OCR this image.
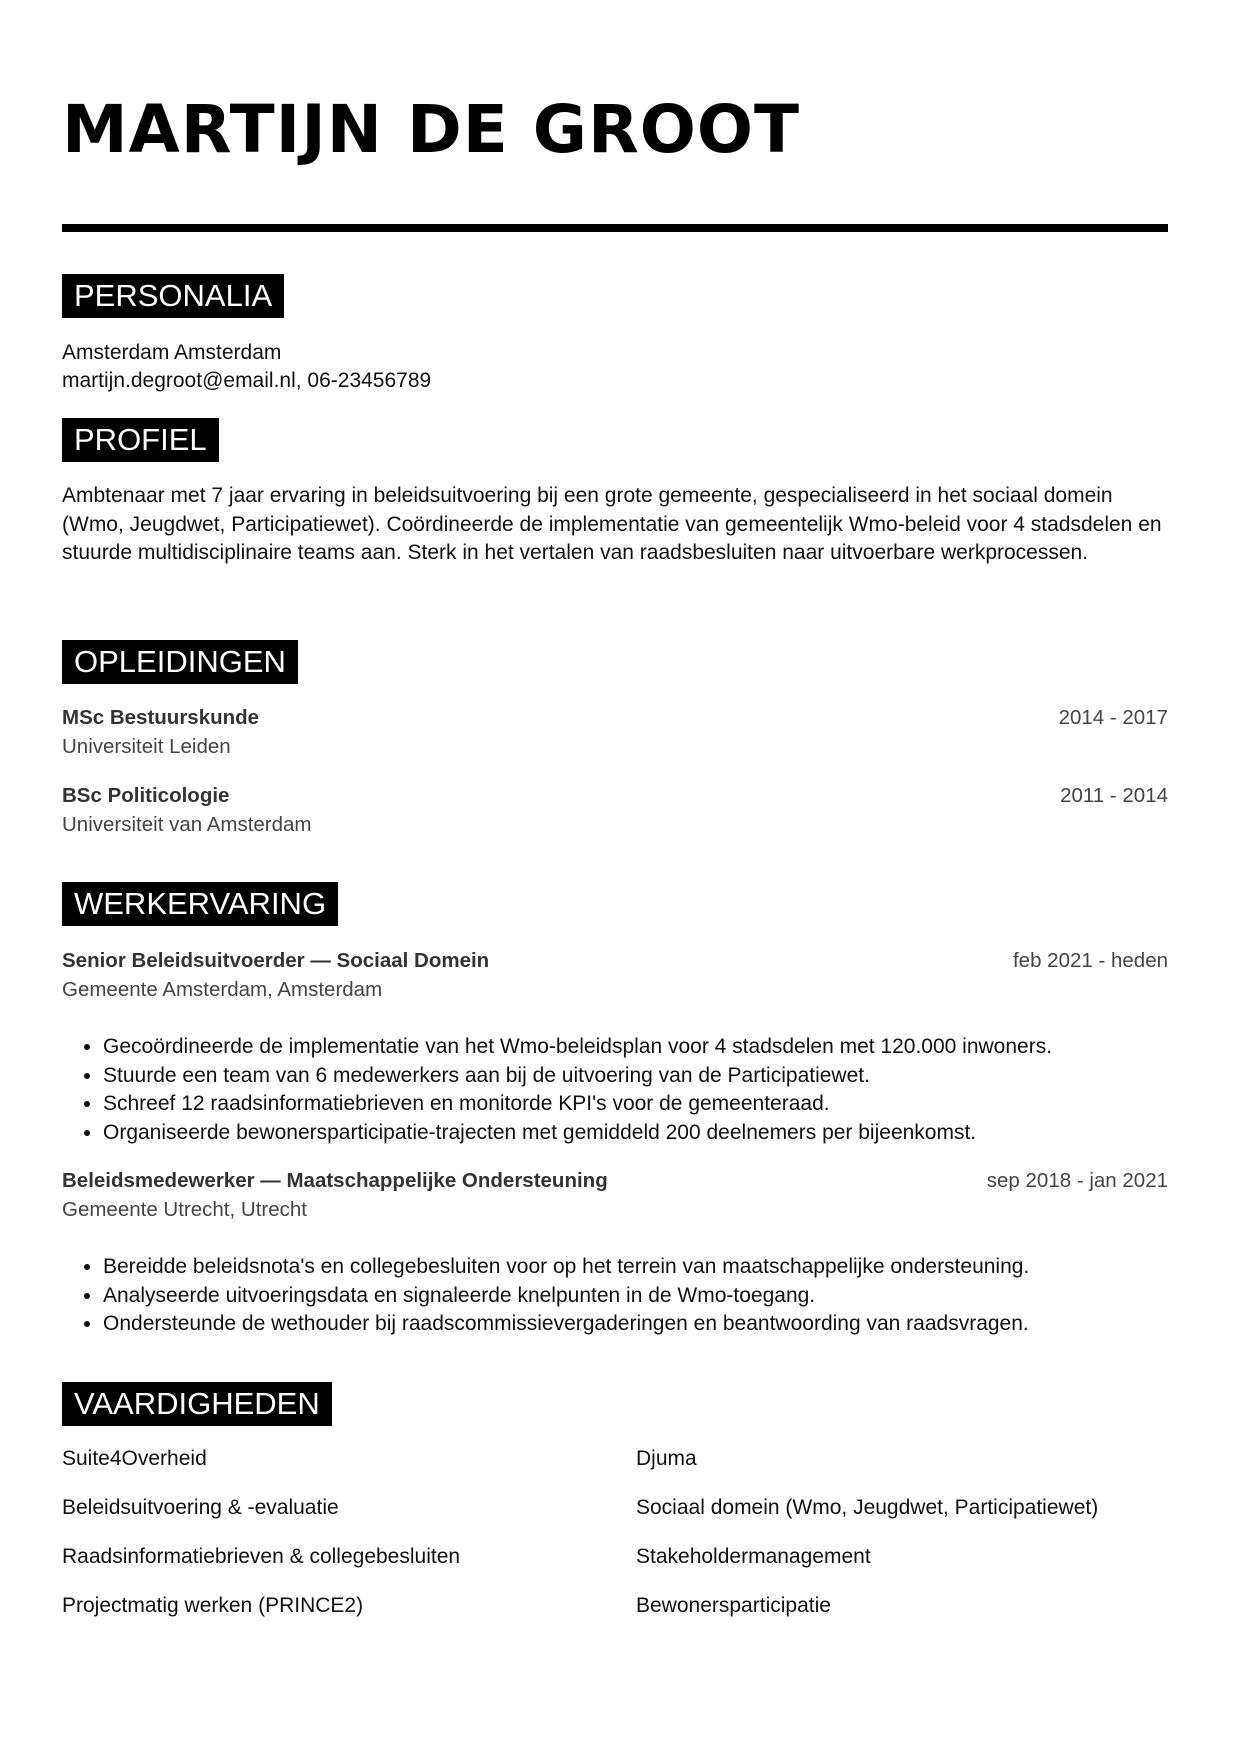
MARTIJN DE GROOT
PERSONALIA
Amsterdam Amsterdam
martijn.degroot@email.nl, 06-23456789
PROFIEL

Ambtenaar met 7 jaar ervaring in beleidsuitvoering bij een grote gemeente, gespecialiseerd in het sociaal domein (Wmo, Jeugdwet, Participatiewet). Coördineerde de implementatie van gemeentelijk Wmo-beleid voor 4 stadsdelen en stuurde multidisciplinaire teams aan. Sterk in het vertalen van raadsbesluiten naar uitvoerbare werkprocessen.

OPLEIDINGEN
MSc Bestuurskunde	2014 - 2017
Universiteit Leiden
BSc Politicologie	2011 - 2014
Universiteit van Amsterdam
WERKERVARING
Senior Beleidsuitvoerder — Sociaal Domein	feb 2021 - heden
Gemeente Amsterdam, Amsterdam
• Gecoördineerde de implementatie van het Wmo-beleidsplan voor 4 stadsdelen met 120.000 inwoners.
• Stuurde een team van 6 medewerkers aan bij de uitvoering van de Participatiewet.
• Schreef 12 raadsinformatiebrieven en monitorde KPI's voor de gemeenteraad.
• Organiseerde bewonersparticipatie-trajecten met gemiddeld 200 deelnemers per bijeenkomst.
Beleidsmedewerker — Maatschappelijke Ondersteuning	sep 2018 - jan 2021
Gemeente Utrecht, Utrecht
• Bereidde beleidsnota's en collegebesluiten voor op het terrein van maatschappelijke ondersteuning.
• Analyseerde uitvoeringsdata en signaleerde knelpunten in de Wmo-toegang.
• Ondersteunde de wethouder bij raadscommissievergaderingen en beantwoording van raadsvragen.
VAARDIGHEDEN
Suite4Overheid	Djuma
Beleidsuitvoering & -evaluatie	Sociaal domein (Wmo, Jeugdwet, Participatiewet)
Raadsinformatiebrieven & collegebesluiten	Stakeholdermanagement
Projectmatig werken (PRINCE2)	Bewonersparticipatie
